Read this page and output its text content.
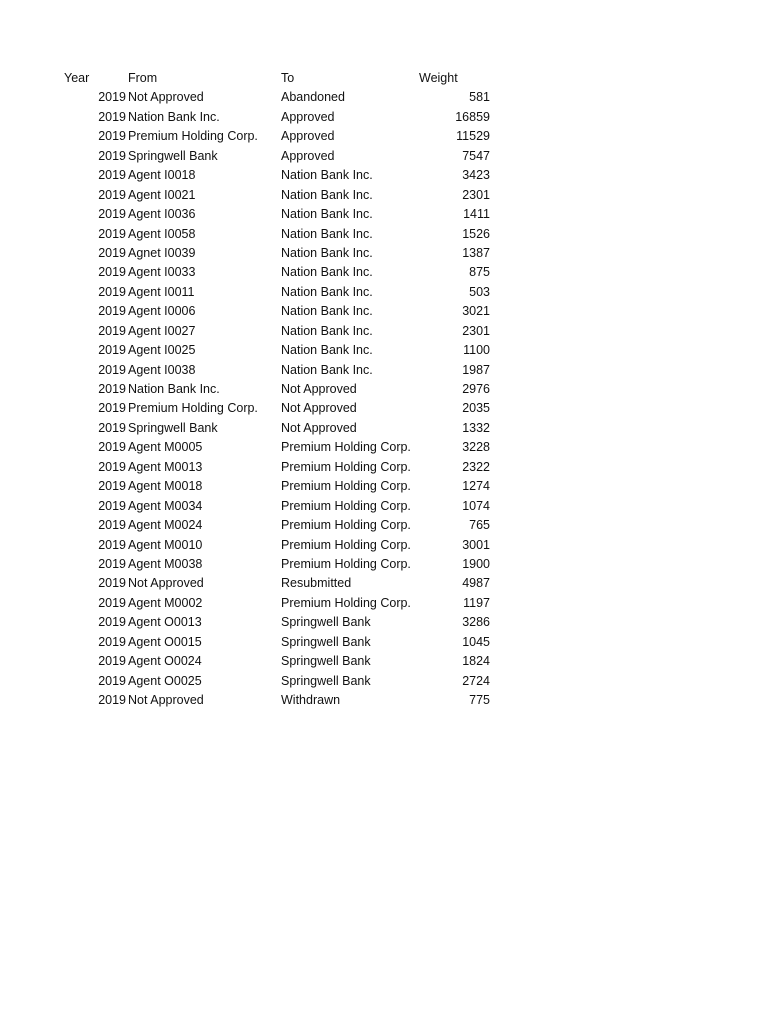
Year	From	To	Weight
2019 Not Approved	Abandoned	581
2019 Nation Bank Inc.	Approved	16859
2019 Premium Holding Corp.	Approved	11529
2019 Springwell Bank	Approved	7547
2019 Agent I0018	Nation Bank Inc.	3423
2019 Agent I0021	Nation Bank Inc.	2301
2019 Agent I0036	Nation Bank Inc.	1411
2019 Agent I0058	Nation Bank Inc.	1526
2019 Agnet I0039	Nation Bank Inc.	1387
2019 Agent I0033	Nation Bank Inc.	875
2019 Agent I0011	Nation Bank Inc.	503
2019 Agent I0006	Nation Bank Inc.	3021
2019 Agent I0027	Nation Bank Inc.	2301
2019 Agent I0025	Nation Bank Inc.	1100
2019 Agent I0038	Nation Bank Inc.	1987
2019 Nation Bank Inc.	Not Approved	2976
2019 Premium Holding Corp.	Not Approved	2035
2019 Springwell Bank	Not Approved	1332
2019 Agent M0005	Premium Holding Corp.	3228
2019 Agent M0013	Premium Holding Corp.	2322
2019 Agent M0018	Premium Holding Corp.	1274
2019 Agent M0034	Premium Holding Corp.	1074
2019 Agent M0024	Premium Holding Corp.	765
2019 Agent M0010	Premium Holding Corp.	3001
2019 Agent M0038	Premium Holding Corp.	1900
2019 Not Approved	Resubmitted	4987
2019 Agent M0002	Premium Holding Corp.	1197
2019 Agent O0013	Springwell Bank	3286
2019 Agent O0015	Springwell Bank	1045
2019 Agent O0024	Springwell Bank	1824
2019 Agent O0025	Springwell Bank	2724
2019 Not Approved	Withdrawn	775
